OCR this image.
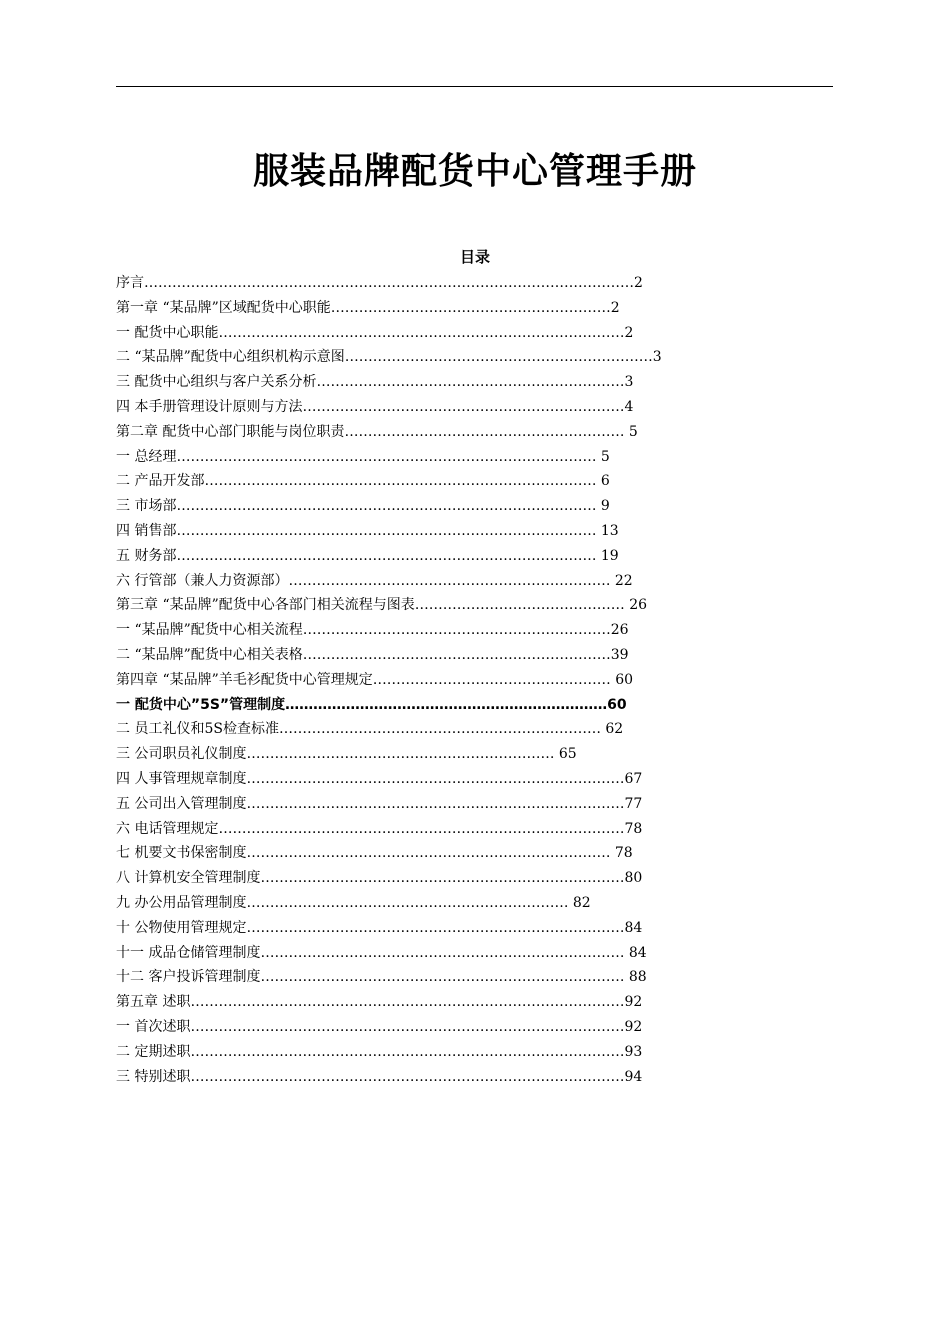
服装品牌配货中心管理手册
目录
序言……………………………………………………………………………………………2
第一章 “某品牌”区域配货中心职能……………………………………………………2
一 配货中心职能……………………………………………………………………………2
二 “某品牌”配货中心组织机构示意图…………………………………………………………3
三 配货中心组织与客户关系分析…………………………………………………………3
四 本手册管理设计原则与方法……………………………………………………………4
第二章 配货中心部门职能与岗位职责…………………………………………………… 5
一 总经理……………………………………………………………………………… 5
二 产品开发部………………………………………………………………………… 6
三 市场部……………………………………………………………………………… 9
四 销售部……………………………………………………………………………… 13
五 财务部……………………………………………………………………………… 19
六 行管部（兼人力资源部）…………………………………………………………… 22
第三章 “某品牌”配货中心各部门相关流程与图表……………………………………… 26
一 “某品牌”配货中心相关流程…………………………………………………………26
二 “某品牌”配货中心相关表格…………………………………………………………39
第四章 “某品牌”羊毛衫配货中心管理规定…………………………………………… 60
一 配货中心”5S”管理制度……………………………………………………………60
二 员工礼仪和5S检查标准…………………………………………………………… 62
三 公司职员礼仪制度………………………………………………………… 65
四 人事管理规章制度………………………………………………………………………67
五 公司出入管理制度………………………………………………………………………77
六 电话管理规定……………………………………………………………………………78
七 机要文书保密制度…………………………………………………………………… 78
八 计算机安全管理制度……………………………………………………………………80
九 办公用品管理制度…………………………………………………………… 82
十 公物使用管理规定………………………………………………………………………84
十一 成品仓储管理制度…………………………………………………………………… 84
十二 客户投诉管理制度…………………………………………………………………… 88
第五章 述职…………………………………………………………………………………92
一 首次述职…………………………………………………………………………………92
二 定期述职…………………………………………………………………………………93
三 特别述职…………………………………………………………………………………94
